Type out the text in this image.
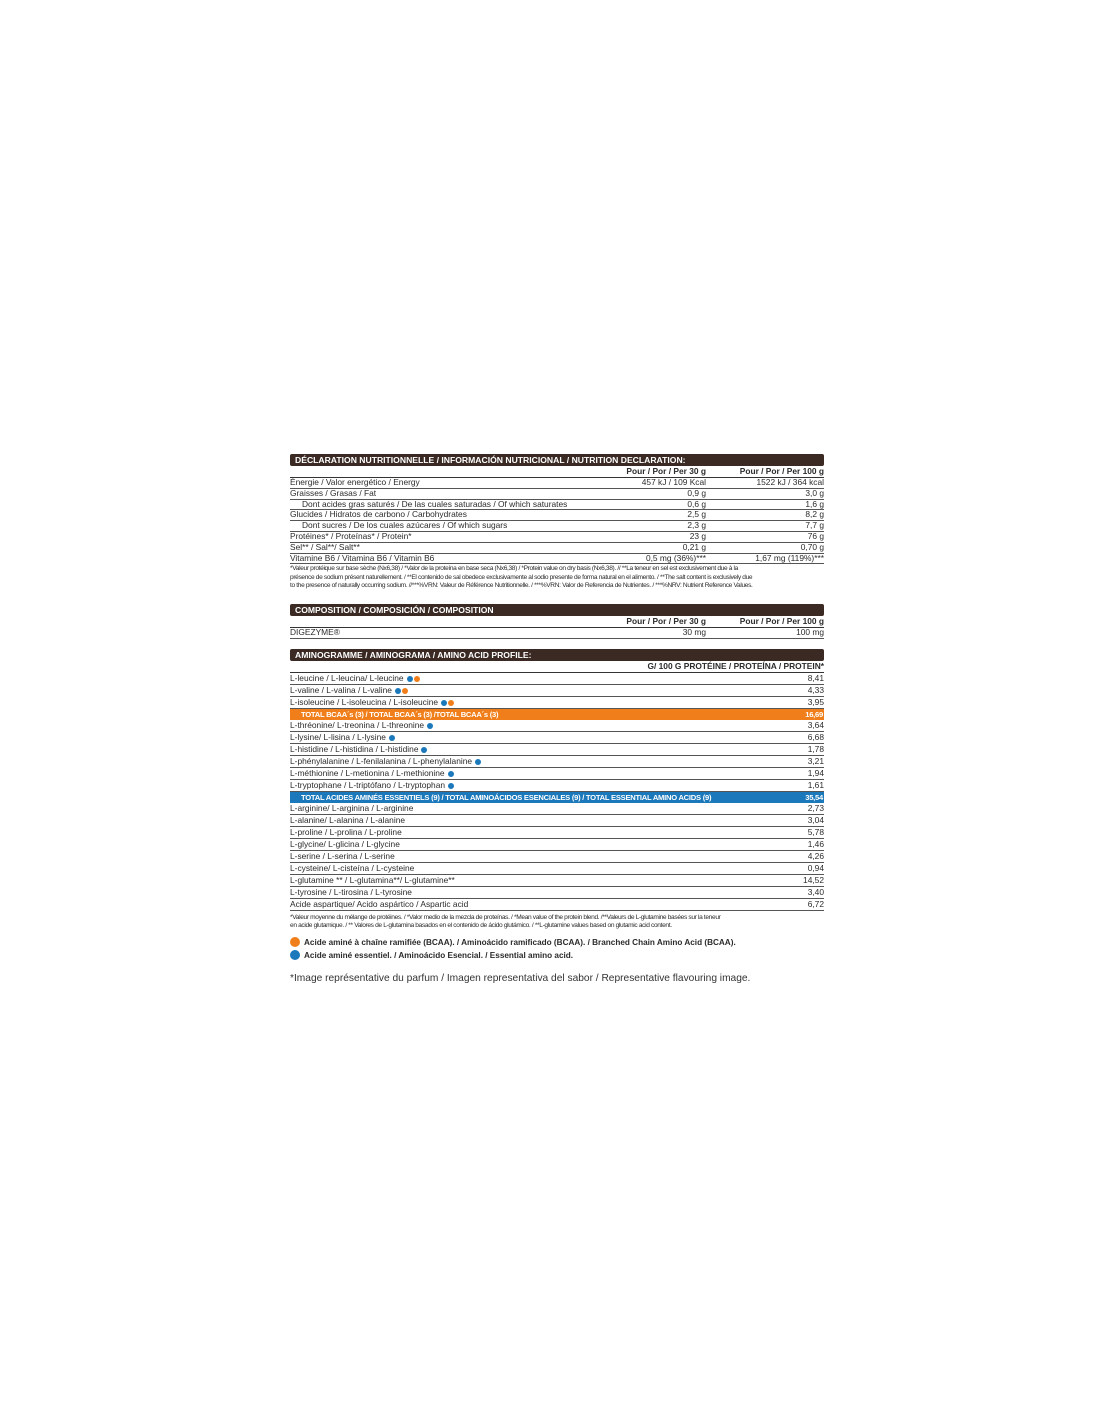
DÉCLARATION NUTRITIONNELLE / INFORMACIÓN NUTRICIONAL / NUTRITION DECLARATION:
Pour / Por / Per 30 g	Pour / Por / Per 100 g
Énergie / Valor energético / Energy	457 kJ / 109 Kcal	1522 kJ / 364 kcal
Graisses / Grasas / Fat	0,9 g	3,0 g
Dont acides gras saturés / De las cuales saturadas / Of which saturates	0,6 g	1,6 g
Glucides / Hidratos de carbono / Carbohydrates	2,5 g	8,2 g
Dont sucres / De los cuales azúcares / Of which sugars	2,3 g	7,7 g
Protéines* / Proteínas* / Protein*	23 g	76 g
Sel** / Sal**/ Salt**	0,21 g	0,70 g
Vitamine B6 / Vitamina B6 / Vitamin B6	0,5 mg (36%)***	1,67 mg (119%)***
*Valeur protéique sur base sèche (Nx6,38) / *Valor de la proteína en base seca (Nx6,38) / *Protein value on dry basis (Nx6,38). // **La teneur en sel est exclusivement due à la
présence de sodium présent naturellement. / **El contenido de sal obedece exclusivamente al sodio presente de forma natural en el alimento. / **The salt content is exclusively due
to the presence of naturally occurring sodium. //***%VRN: Valeur de Référence Nutritionnelle. / ***%VRN: Valor de Referencia de Nutrientes. / ***%NRV: Nutrient Reference Values.
COMPOSITION / COMPOSICIÓN / COMPOSITION
Pour / Por / Per 30 g	Pour / Por / Per 100 g
DIGEZYME®	30 mg	100 mg
AMINOGRAMME / AMINOGRAMA / AMINO ACID PROFILE:
G/ 100 G PROTÉINE / PROTEÍNA / PROTEIN*
L-leucine / L-leucina/ L-leucine	8,41
L-valine / L-valina / L-valine	4,33
L-isoleucine / L-isoleucina / L-isoleucine	3,95
TOTAL BCAA´s (3) / TOTAL BCAA´s (3) /TOTAL BCAA´s (3)	16,69
L-thréonine/ L-treonina / L-threonine	3,64
L-lysine/ L-lisina / L-lysine	6,68
L-histidine / L-histidina / L-histidine	1,78
L-phénylalanine / L-fenilalanina / L-phenylalanine	3,21
L-méthionine / L-metionina / L-methionine	1,94
L-tryptophane / L-triptófano / L-tryptophan	1,61
TOTAL ACIDES AMINÉS ESSENTIELS (9) / TOTAL AMINOÁCIDOS ESENCIALES (9) / TOTAL ESSENTIAL AMINO ACIDS (9)	35,54
L-arginine/ L-arginina / L-arginine	2,73
L-alanine/ L-alanina / L-alanine	3,04
L-proline / L-prolina / L-proline	5,78
L-glycine/ L-glicina / L-glycine	1,46
L-serine / L-serina / L-serine	4,26
L-cysteine/ L-cisteína / L-cysteine	0,94
L-glutamine ** / L-glutamina**/ L-glutamine**	14,52
L-tyrosine / L-tirosina / L-tyrosine	3,40
Acide aspartique/ Acido aspártico / Aspartic acid	6,72
*Valeur moyenne du mélange de protéines. / *Valor medio de la mezcla de proteínas. / *Mean value of the protein blend. /**Valeurs de L-glutamine basées sur la teneur
en acide glutamique. / ** Valores de L-glutamina basados en el contenido de ácido glutámico. / **L-glutamine values based on glutamic acid content.
Acide aminé à chaîne ramifiée (BCAA). / Aminoácido ramificado (BCAA). / Branched Chain Amino Acid (BCAA).
Acide aminé essentiel. / Aminoácido Esencial. / Essential amino acid.
*Image représentative du parfum / Imagen representativa del sabor / Representative flavouring image.
